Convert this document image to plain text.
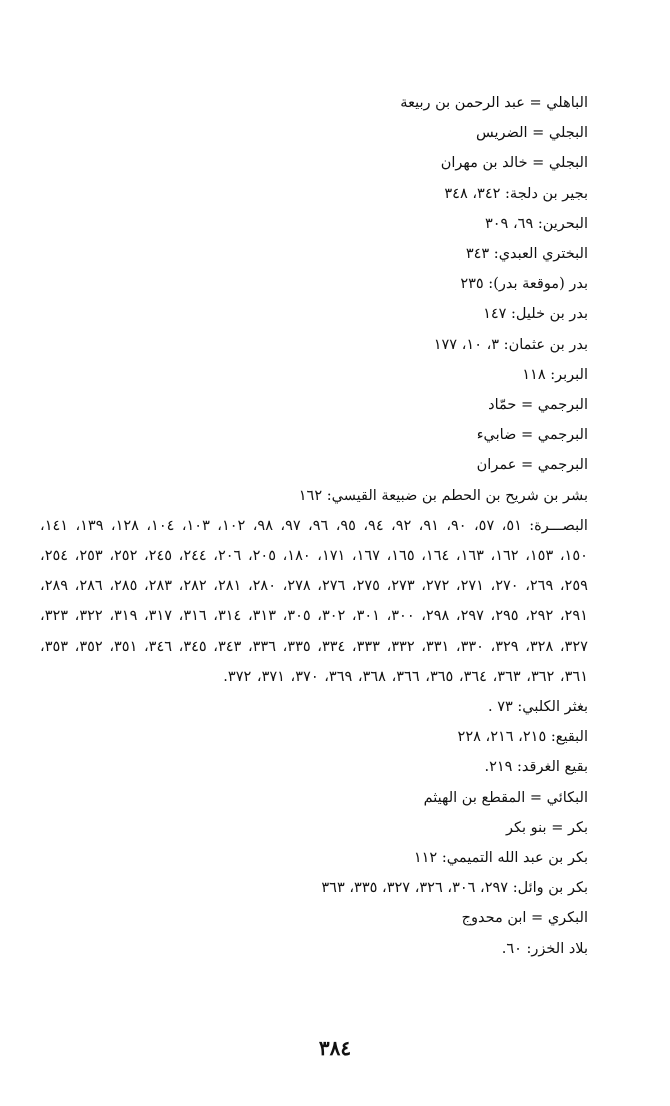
الباهلي = عبد الرحمن بن ربيعة
البجلي = الضريس
البجلي = خالد بن مهران
بجير بن دلجة: ٣٤٢، ٣٤٨
البحرين: ٦٩، ٣٠٩
البختري العبدي: ٣٤٣
بدر (موقعة بدر): ٢٣٥
بدر بن خليل: ١٤٧
بدر بن عثمان: ٣، ١٠، ١٧٧
البربر: ١١٨
البرجمي = حمّاد
البرجمي = ضابيء
البرجمي = عمران
بشر بن شريح بن الحطم بن ضبيعة القيسي: ١٦٢
البصـــرة: ٥١، ٥٧، ٩٠، ٩١، ٩٢، ٩٤، ٩٥، ٩٦، ٩٧، ٩٨، ١٠٢، ١٠٣، ١٠٤، ١٢٨، ١٣٩، ١٤١، ١٥٠، ١٥٣، ١٦٢، ١٦٣، ١٦٤، ١٦٥، ١٦٧، ١٧١، ١٨٠، ٢٠٥، ٢٠٦، ٢٤٤، ٢٤٥، ٢٥٢، ٢٥٣، ٢٥٤، ٢٥٩، ٢٦٩، ٢٧٠، ٢٧١، ٢٧٢، ٢٧٣، ٢٧٥، ٢٧٦، ٢٧٨، ٢٨٠، ٢٨١، ٢٨٢، ٢٨٣، ٢٨٥، ٢٨٦، ٢٨٩، ٢٩١، ٢٩٢، ٢٩٥، ٢٩٧، ٢٩٨، ٣٠٠، ٣٠١، ٣٠٢، ٣٠٥، ٣١٣، ٣١٤، ٣١٦، ٣١٧، ٣١٩، ٣٢٢، ٣٢٣، ٣٢٧، ٣٢٨، ٣٢٩، ٣٣٠، ٣٣١، ٣٣٢، ٣٣٣، ٣٣٤، ٣٣٥، ٣٣٦، ٣٤٣، ٣٤٥، ٣٤٦، ٣٥١، ٣٥٢، ٣٥٣، ٣٦١، ٣٦٢، ٣٦٣، ٣٦٤، ٣٦٥، ٣٦٦، ٣٦٨، ٣٦٩، ٣٧٠، ٣٧١، ٣٧٢.
بغثر الكلبي: ٧٣ .
البقيع: ٢١٥، ٢١٦، ٢٢٨
بقيع الغرقد: ٢١٩.
البكائي = المقطع بن الهيثم
بكر = بنو بكر
بكر بن عبد الله التميمي: ١١٢
بكر بن وائل: ٢٩٧، ٣٠٦، ٣٢٦، ٣٢٧، ٣٣٥، ٣٦٣
البكري = ابن محدوج
بلاد الخزر: ٦٠.
٣٨٤
